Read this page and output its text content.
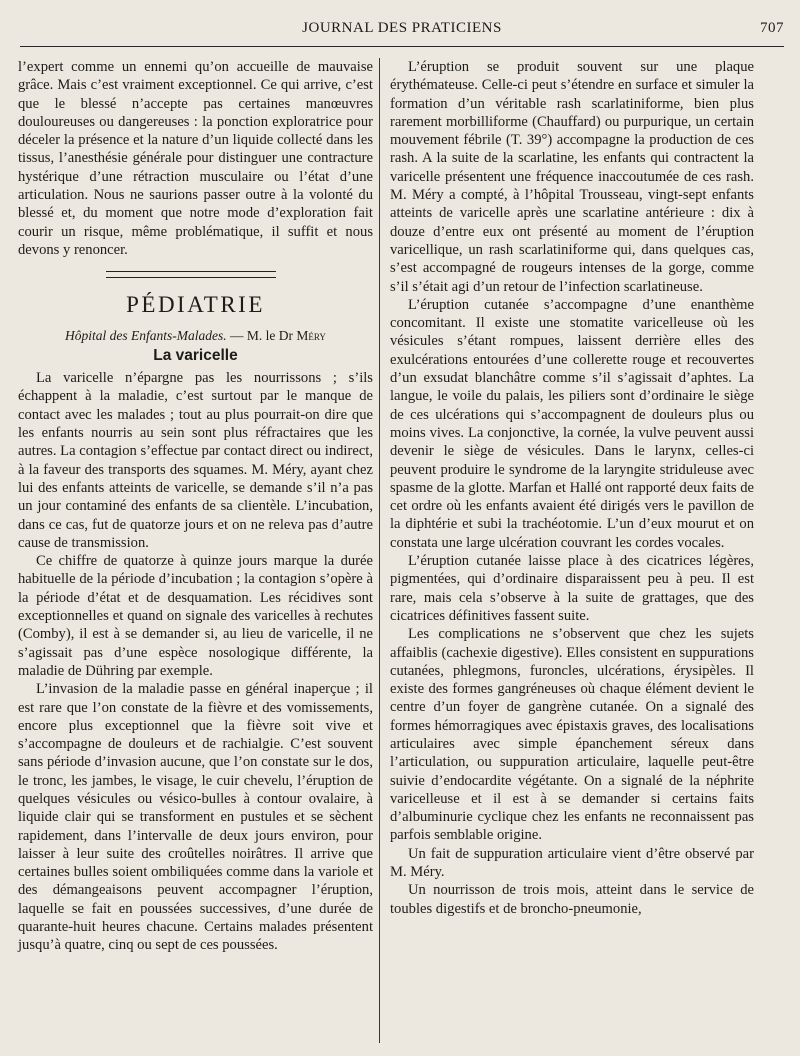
JOURNAL DES PRATICIENS	707

l’expert comme un ennemi qu’on accueille de mauvaise grâce. Mais c’est vraiment exceptionnel. Ce qui arrive, c’est que le blessé n’accepte pas certaines manœuvres douloureuses ou dangereuses : la ponction exploratrice pour déceler la présence et la nature d’un liquide collecté dans les tissus, l’anesthésie générale pour distinguer une contracture hystérique d’une rétraction musculaire ou l’état d’une articulation. Nous ne saurions passer outre à la volonté du blessé et, du moment que notre mode d’exploration fait courir un risque, même problématique, il suffit et nous devons y renoncer.

PÉDIATRIE
Hôpital des Enfants-Malades. — M. le Dr Méry
La varicelle

La varicelle n’épargne pas les nourrissons ; s’ils échappent à la maladie, c’est surtout par le manque de contact avec les malades ; tout au plus pourrait-on dire que les enfants nourris au sein sont plus réfractaires que les autres. La contagion s’effectue par contact direct ou indirect, à la faveur des transports des squames. M. Méry, ayant chez lui des enfants atteints de varicelle, se demande s’il n’a pas un jour contaminé des enfants de sa clientèle. L’incubation, dans ce cas, fut de quatorze jours et on ne releva pas d’autre cause de transmission.

Ce chiffre de quatorze à quinze jours marque la durée habituelle de la période d’incubation ; la contagion s’opère à la période d’état et de desquamation. Les récidives sont exceptionnelles et quand on signale des varicelles à rechutes (Comby), il est à se demander si, au lieu de varicelle, il ne s’agissait pas d’une espèce nosologique différente, la maladie de Dühring par exemple.

L’invasion de la maladie passe en général inaperçue ; il est rare que l’on constate de la fièvre et des vomissements, encore plus exceptionnel que la fièvre soit vive et s’accompagne de douleurs et de rachialgie. C’est souvent sans période d’invasion aucune, que l’on constate sur le dos, le tronc, les jambes, le visage, le cuir chevelu, l’éruption de quelques vésicules ou vésico-bulles à contour ovalaire, à liquide clair qui se transforment en pustules et se sèchent rapidement, dans l’intervalle de deux jours environ, pour laisser à leur suite des croûtelles noirâtres. Il arrive que certaines bulles soient ombiliquées comme dans la variole et des démangeaisons peuvent accompagner l’éruption, laquelle se fait en poussées successives, d’une durée de quarante-huit heures chacune. Certains malades présentent jusqu’à quatre, cinq ou sept de ces poussées.

L’éruption se produit souvent sur une plaque érythémateuse. Celle-ci peut s’étendre en surface et simuler la formation d’un véritable rash scarlatiniforme, bien plus rarement morbilliforme (Chauffard) ou purpurique, un certain mouvement fébrile (T. 39°) accompagne la production de ces rash. A la suite de la scarlatine, les enfants qui contractent la varicelle présentent une fréquence inaccoutumée de ces rash. M. Méry a compté, à l’hôpital Trousseau, vingt-sept enfants atteints de varicelle après une scarlatine antérieure : dix à douze d’entre eux ont présenté au moment de l’éruption varicellique, un rash scarlatiniforme qui, dans quelques cas, s’est accompagné de rougeurs intenses de la gorge, comme s’il s’était agi d’un retour de l’infection scarlatineuse.

L’éruption cutanée s’accompagne d’une enanthème concomitant. Il existe une stomatite varicelleuse où les vésicules s’étant rompues, laissent derrière elles des exulcérations entourées d’une collerette rouge et recouvertes d’un exsudat blanchâtre comme s’il s’agissait d’aphtes. La langue, le voile du palais, les piliers sont d’ordinaire le siège de ces ulcérations qui s’accompagnent de douleurs plus ou moins vives. La conjonctive, la cornée, la vulve peuvent aussi devenir le siège de vésicules. Dans le larynx, celles-ci peuvent produire le syndrome de la laryngite striduleuse avec spasme de la glotte. Marfan et Hallé ont rapporté deux faits de cet ordre où les enfants avaient été dirigés vers le pavillon de la diphtérie et subi la trachéotomie. L’un d’eux mourut et on constata une large ulcération couvrant les cordes vocales.

L’éruption cutanée laisse place à des cicatrices légères, pigmentées, qui d’ordinaire disparaissent peu à peu. Il est rare, mais cela s’observe à la suite de grattages, que des cicatrices définitives fassent suite.

Les complications ne s’observent que chez les sujets affaiblis (cachexie digestive). Elles consistent en suppurations cutanées, phlegmons, furoncles, ulcérations, érysipèles. Il existe des formes gangréneuses où chaque élément devient le centre d’un foyer de gangrène cutanée. On a signalé des formes hémorragiques avec épistaxis graves, des localisations articulaires avec simple épanchement séreux dans l’articulation, ou suppuration articulaire, laquelle peut-être suivie d’endocardite végétante. On a signalé de la néphrite varicelleuse et il est à se demander si certains faits d’albuminurie cyclique chez les enfants ne reconnaissent pas parfois semblable origine.

Un fait de suppuration articulaire vient d’être observé par M. Méry.

Un nourrisson de trois mois, atteint dans le service de toubles digestifs et de broncho-pneumonie,
